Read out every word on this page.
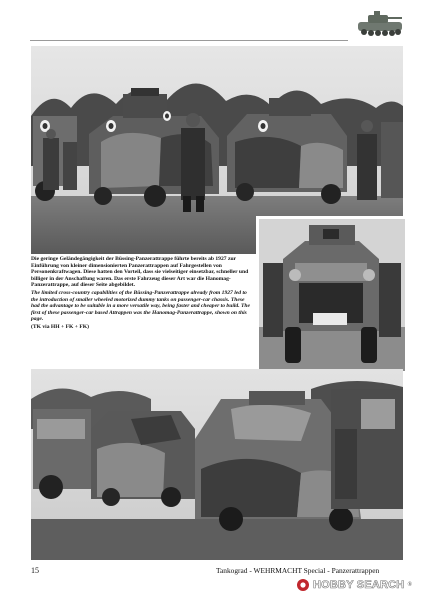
Die geringe Geländegängigkeit der Büssing-Panzerattrappe führte bereits ab 1927 zur Einführung von kleiner dimensionierten Panzerattrappen auf Fahrgestellen von Personenkraftwagen. Diese hatten den Vorteil, dass sie vielseitiger einsetzbar, schneller und billiger in der Anschaffung waren. Das erste Fahrzeug dieser Art war die Hanomag-Panzerattrappe, auf dieser Seite abgebildet.

The limited cross-country capabilities of the Büssing-Panzerattrappe already from 1927 led to the introduction of smaller wheeled motorized dummy tanks on passenger-car chassis. These had the advantage to be suitable in a more versatile way, being faster and cheaper to build. The first of these passenger-car based Attrappen was the Hanomag-Panzerattrappe, shown on this page.

(TK via HH + FK + FK)

15	Tankograd - WEHRMACHT Special - Panzerattrappen
HOBBY SEARCH ®
